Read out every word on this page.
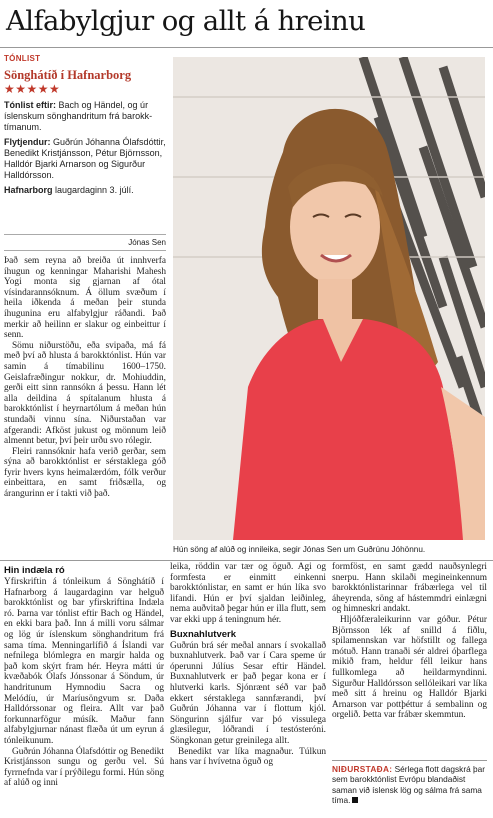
Alfabylgjur og allt á hreinu
TÓNLIST
Sönghátíð í Hafnarborg
★★★★★
Tónlist eftir: Bach og Händel, og úr íslenskum sönghandritum frá barokktímanum.
Flytjendur: Guðrún Jóhanna Ólafsdóttir, Benedikt Kristjánsson, Pétur Björnsson, Halldór Bjarki Arnarson og Sigurður Halldórsson.
Hafnarborg laugardaginn 3. júlí.
Jónas Sen

Það sem reyna að breiða út innhverfa íhugun og kenningar Maharishi Mahesh Yogi monta sig gjarnan af ótal vísindarannsóknum. Á öllum svæðum í heila iðkenda á meðan þeir stunda íhugunina eru alfabylgjur ráðandi. Það merkir að heilinn er slakur og einbeittur í senn.

Sömu niðurstöðu, eða svipaða, má fá með því að hlusta á barokktónlist. Hún var samin á tímabilinu 1600–1750. Geislafræðingur nokkur, dr. Mohiuddin, gerði eitt sinn rannsókn á þessu. Hann lét alla deildina á spítalanum hlusta á barokktónlist í heyrnartólum á meðan hún stundaði vinnu sína. Niðurstaðan var afgerandi: Afköst jukust og mönnum leið almennt betur, því þeir urðu svo rólegir.

Fleiri rannsóknir hafa verið gerðar, sem sýna að barokktónlist er sérstaklega góð fyrir hvers kyns heimalærdóm, fólk verður einbeittara, en samt friðsælla, og árangurinn er í takti við það.

Hún söng af alúð og innileika, segir Jónas Sen um Guðrúnu Jóhönnu.
Hin indæla ró

Yfirskriftin á tónleikum á Sönghátíð í Hafnarborg á laugardaginn var helguð barokktónlist og bar yfirskriftina Indæla ró. Þarna var tónlist eftir Bach og Händel, en ekki bara það. Inn á milli voru sálmar og lög úr íslenskum sönghandritum frá sama tíma. Menningarlífið á Íslandi var nefnilega blómlegra en margir halda og það kom skýrt fram hér. Heyra mátti úr kvæðabók Ólafs Jónssonar á Söndum, úr handritunum Hymnodiu Sacra og Melódíu, úr Maríusöngvum sr. Daða Halldórssonar og fleira. Allt var það forkunnarfögur músík. Maður fann alfabylgjurnar nánast flæða út um eyrun á tónleikunum.

Guðrún Jóhanna Ólafsdóttir og Benedikt Kristjánsson sungu og gerðu vel. Sú fyrrnefnda var í prýðilegu formi. Hún söng af alúð og inni

leika, röddin var tær og öguð. Agi og formfesta er einmitt einkenni barokktónlistar, en samt er hún líka svo lifandi. Hún er því sjaldan leiðinleg, nema auðvitað þegar hún er illa flutt, sem var ekki upp á teningnum hér.

Buxnahlutverk

Guðrún brá sér meðal annars í svokallað buxnahlutverk. Það var í Cara speme úr óperunni Júlíus Sesar eftir Händel. Buxnahlutverk er það þegar kona er í hlutverki karls. Sjónrænt séð var það ekkert sérstaklega sannfærandi, því Guðrún Jóhanna var í flottum kjól. Söngurinn sjálfur var þó vissulega glæsilegur, lóðrandi í testósteróni. Söngkonan getur greinilega allt.

Benedikt var líka magnaður. Túlkun hans var í hvívetna öguð og

formföst, en samt gædd nauðsynlegri snerpu. Hann skilaði megineinkennum barokktónlistarinnar frábærlega vel til áheyrenda, söng af hástemmdri einlægni og himneskri andakt.

Hljóðfæraleikurinn var góður. Pétur Björnsson lék af snilld á fiðlu, spilamennskan var höfstillt og fallega mótuð. Hann tranaði sér aldrei óþarflega mikið fram, heldur féll leikur hans fullkomlega að heildarmyndinni. Sigurður Halldórsson sellóleikari var líka með sitt á hreinu og Halldór Bjarki Arnarson var pottþéttur á sembalinn og orgelið. Þetta var frábær skemmtun.

NIÐURSTAÐA: Sérlega flott dagskrá þar sem barokktónlist Evrópu blandaðist saman við íslensk lög og sálma frá sama tíma.
